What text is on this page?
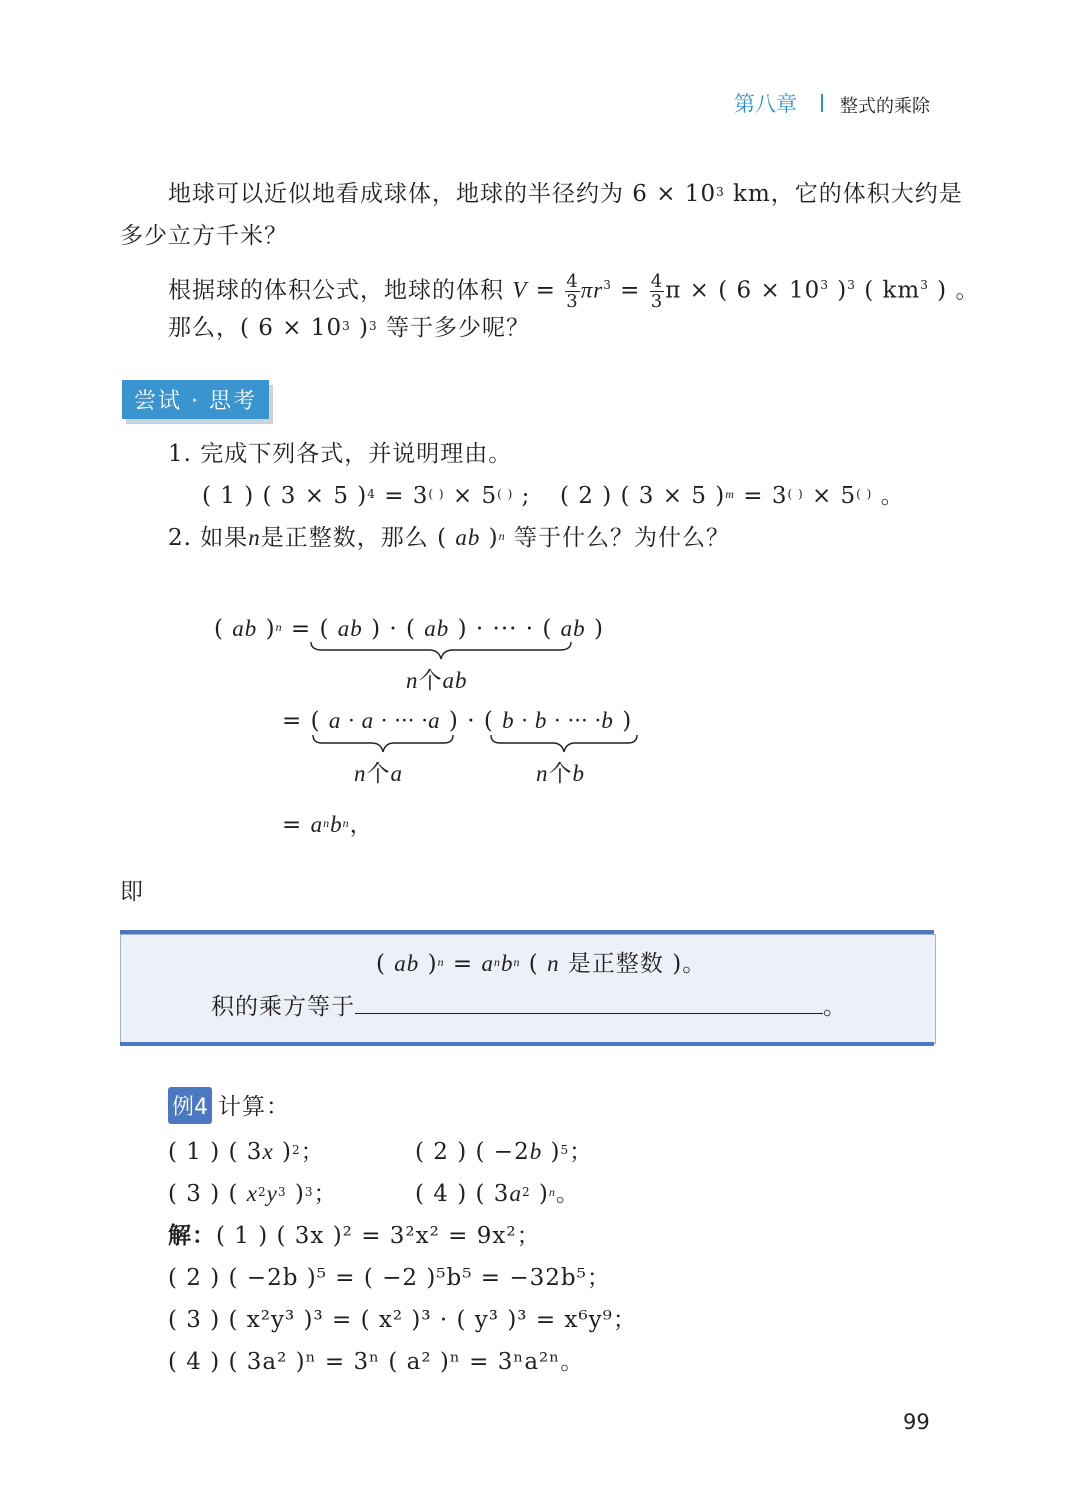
第八章 整式的乘除
地球可以近似地看成球体，地球的半径约为 $6 \times 10^3$ km，它的体积大约是
多少立方千米？
根据球的体积公式，地球的体积 $V = \frac{4}{3} \pi r^3 = \frac{4}{3}$ π × ( $6 \times 10^3$ )$^3$ ( $km^3$ ) 。
那么，( $6 \times 10^3$ )$^3$ 等于多少呢？
尝试 · 思考
1. 完成下列各式，并说明理由。
( 1 ) ( 3 × 5 )$^4$ = 3( ) × 5( ) ; ( 2 ) ( 3 × 5 )$^m$ = 3( ) × 5( ) 。
2. 如果n是正整数，那么 ( ab )$^n$ 等于什么？为什么？
( ab )$^n$ = ( ab ) · ( ab ) · ··· · ( ab )
n个ab
= ( a · a · ··· ·a ) · ( b · b · ··· ·b )
n个a	n个b
= $a^nb^n$，
即
( ab )$^n = a^nb^n$ ( n 是正整数 )。
积的乘方等于	。
例4 计算：
( 1 ) ( 3x )$^2$；	( 2 ) ( −2b )$^5$；
( 3 ) ( $x^2y^3$ )$^3$；	( 4 ) ( $3a^2$ )$^n$。
解：( 1 ) ( 3x )² = 3²x² = 9x²；
( 2 ) ( −2b )⁵ = ( −2 )⁵b⁵ = −32b⁵；
( 3 ) ( x²y³ )³ = ( x² )³ · ( y³ )³ = x⁶y⁹；
( 4 ) ( 3a² )ⁿ = 3ⁿ ( a² )ⁿ = 3ⁿa²ⁿ。
99
